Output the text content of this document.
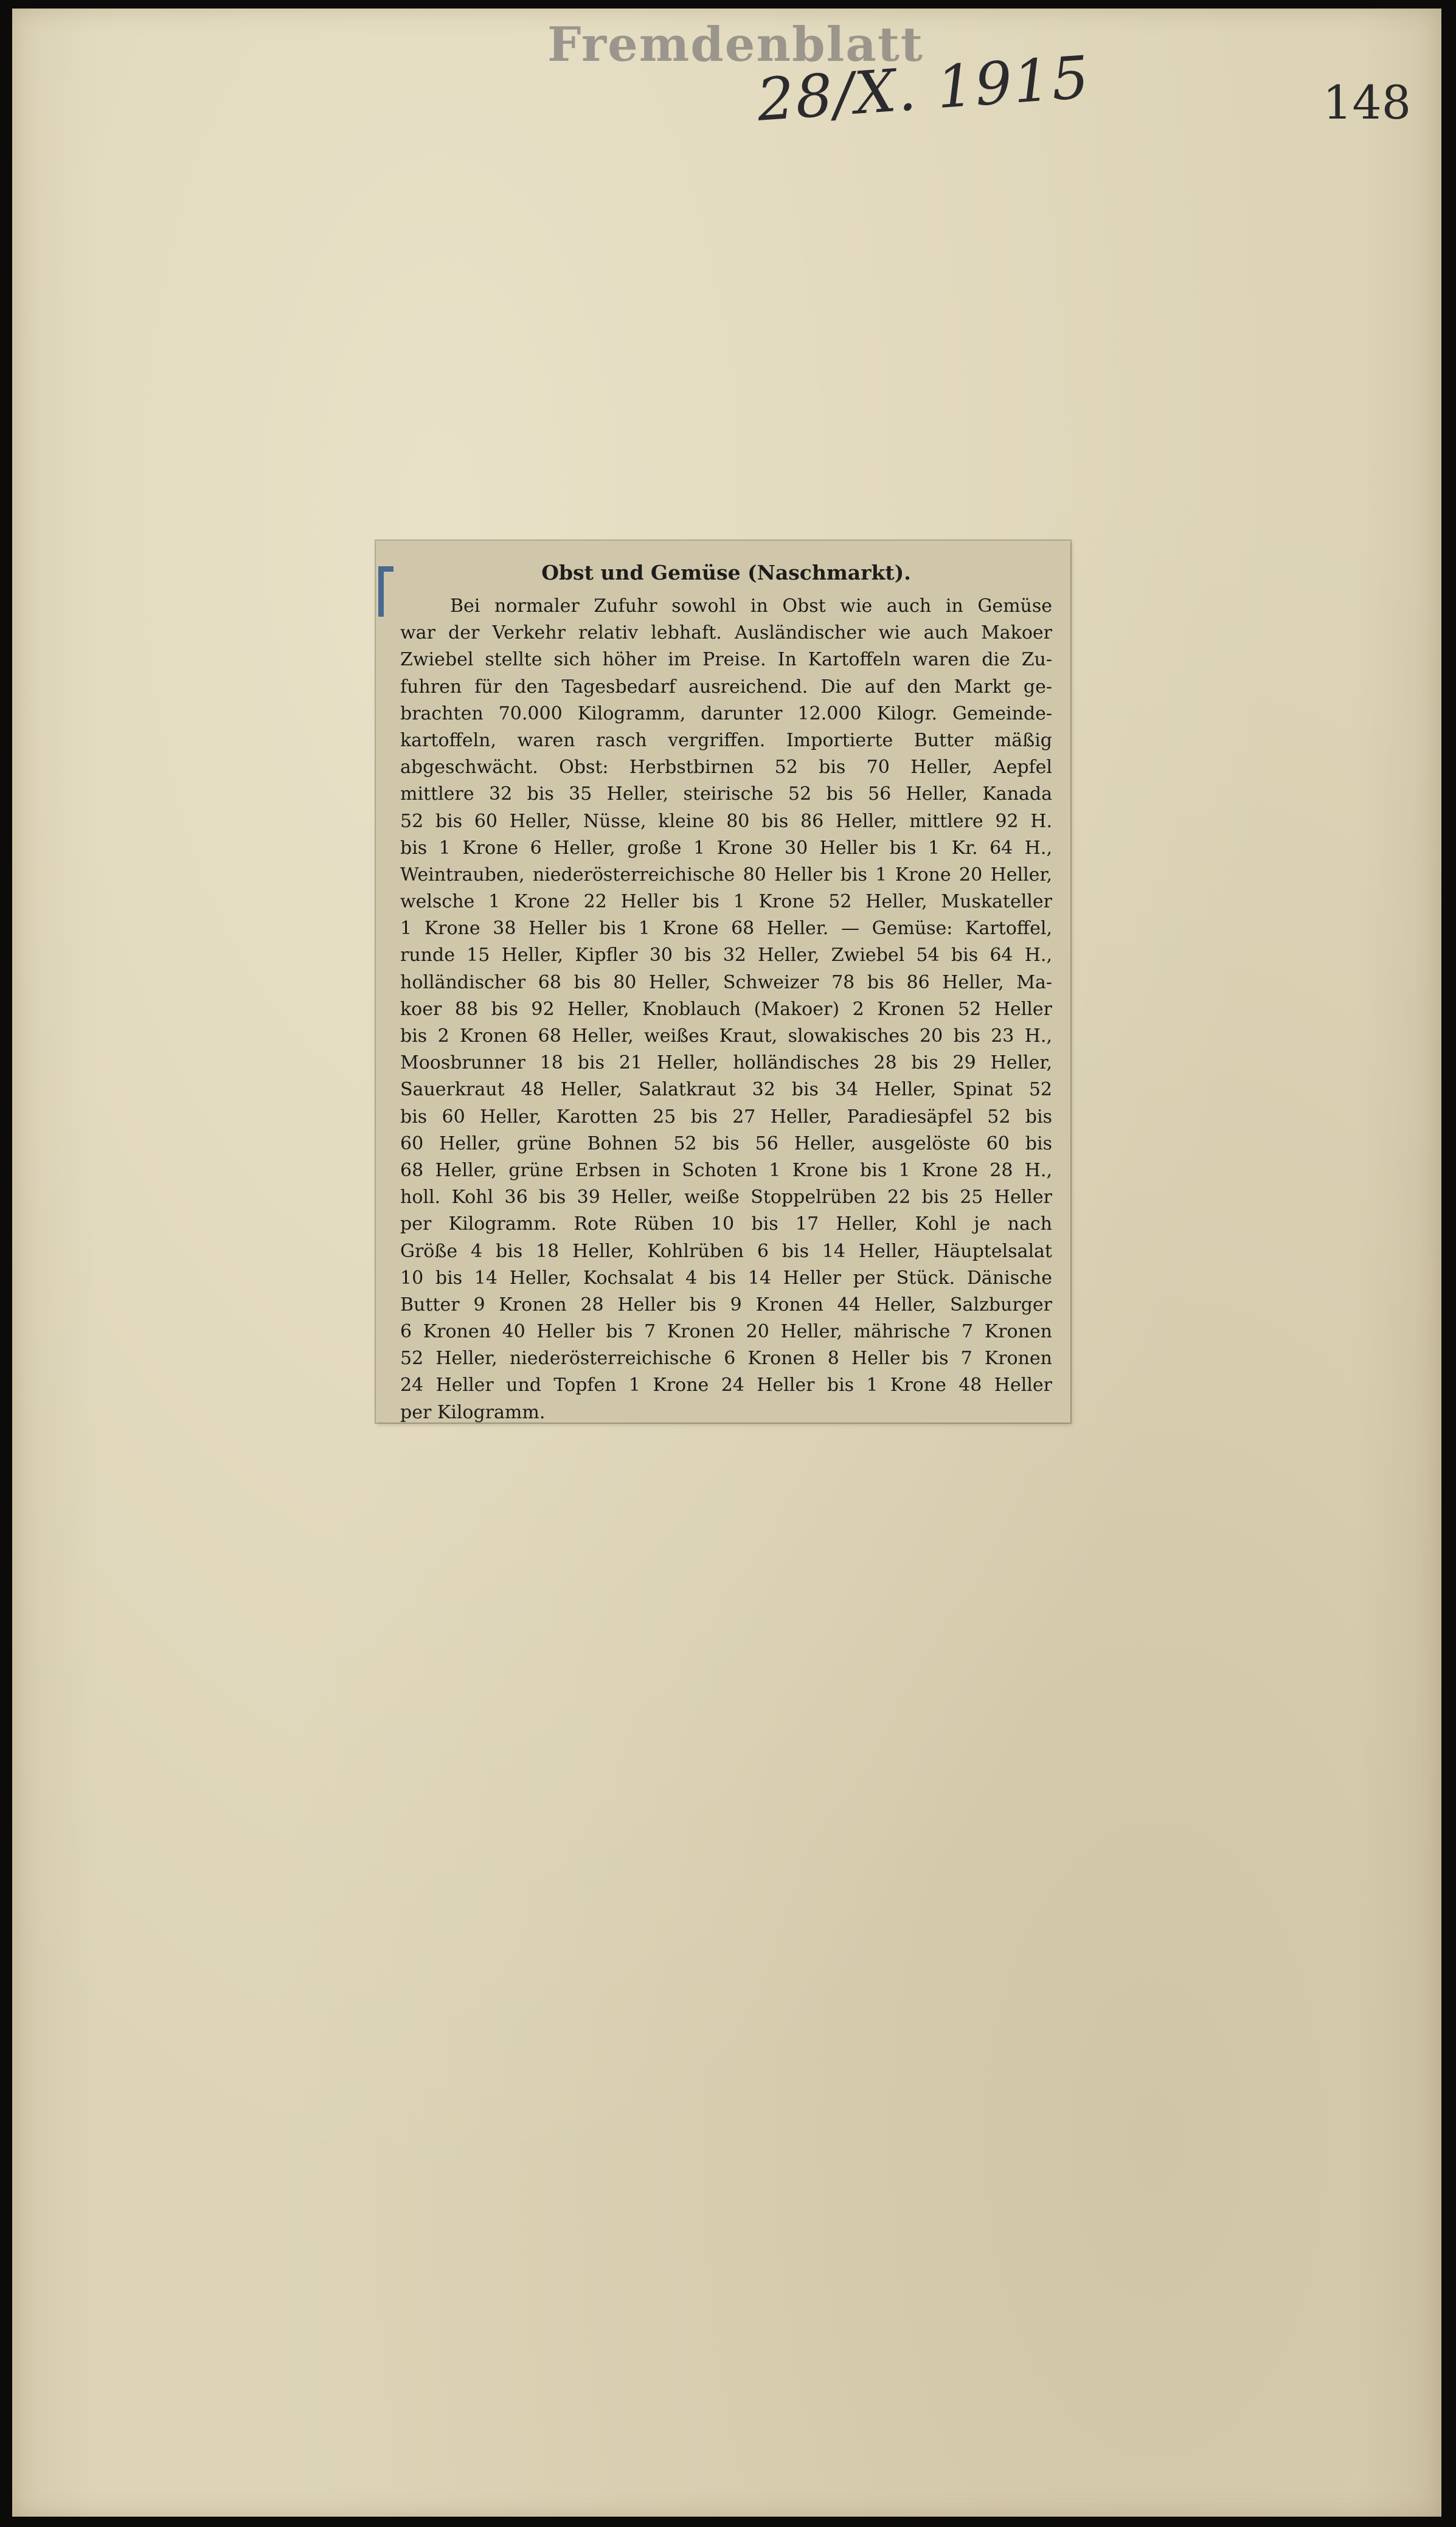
Fremdenblatt
28/X. 1915	148
Obst und Gemüse (Naschmarkt).
Bei normaler Zufuhr sowohl in Obst wie auch in Gemüse
war der Verkehr relativ lebhaft. Ausländischer wie auch Makoer
Zwiebel stellte sich höher im Preise. In Kartoffeln waren die Zu-
fuhren für den Tagesbedarf ausreichend. Die auf den Markt ge-
brachten 70.000 Kilogramm, darunter 12.000 Kilogr. Gemeinde-
kartoffeln, waren rasch vergriffen. Importierte Butter mäßig
abgeschwächt. Obst: Herbstbirnen 52 bis 70 Heller, Aepfel
mittlere 32 bis 35 Heller, steirische 52 bis 56 Heller, Kanada
52 bis 60 Heller, Nüsse, kleine 80 bis 86 Heller, mittlere 92 H.
bis 1 Krone 6 Heller, große 1 Krone 30 Heller bis 1 Kr. 64 H.,
Weintrauben, niederösterreichische 80 Heller bis 1 Krone 20 Heller,
welsche 1 Krone 22 Heller bis 1 Krone 52 Heller, Muskateller
1 Krone 38 Heller bis 1 Krone 68 Heller. — Gemüse: Kartoffel,
runde 15 Heller, Kipfler 30 bis 32 Heller, Zwiebel 54 bis 64 H.,
holländischer 68 bis 80 Heller, Schweizer 78 bis 86 Heller, Ma-
koer 88 bis 92 Heller, Knoblauch (Makoer) 2 Kronen 52 Heller
bis 2 Kronen 68 Heller, weißes Kraut, slowakisches 20 bis 23 H.,
Moosbrunner 18 bis 21 Heller, holländisches 28 bis 29 Heller,
Sauerkraut 48 Heller, Salatkraut 32 bis 34 Heller, Spinat 52
bis 60 Heller, Karotten 25 bis 27 Heller, Paradiesäpfel 52 bis
60 Heller, grüne Bohnen 52 bis 56 Heller, ausgelöste 60 bis
68 Heller, grüne Erbsen in Schoten 1 Krone bis 1 Krone 28 H.,
holl. Kohl 36 bis 39 Heller, weiße Stoppelrüben 22 bis 25 Heller
per Kilogramm. Rote Rüben 10 bis 17 Heller, Kohl je nach
Größe 4 bis 18 Heller, Kohlrüben 6 bis 14 Heller, Häuptelsalat
10 bis 14 Heller, Kochsalat 4 bis 14 Heller per Stück. Dänische
Butter 9 Kronen 28 Heller bis 9 Kronen 44 Heller, Salzburger
6 Kronen 40 Heller bis 7 Kronen 20 Heller, mährische 7 Kronen
52 Heller, niederösterreichische 6 Kronen 8 Heller bis 7 Kronen
24 Heller und Topfen 1 Krone 24 Heller bis 1 Krone 48 Heller
per Kilogramm.
